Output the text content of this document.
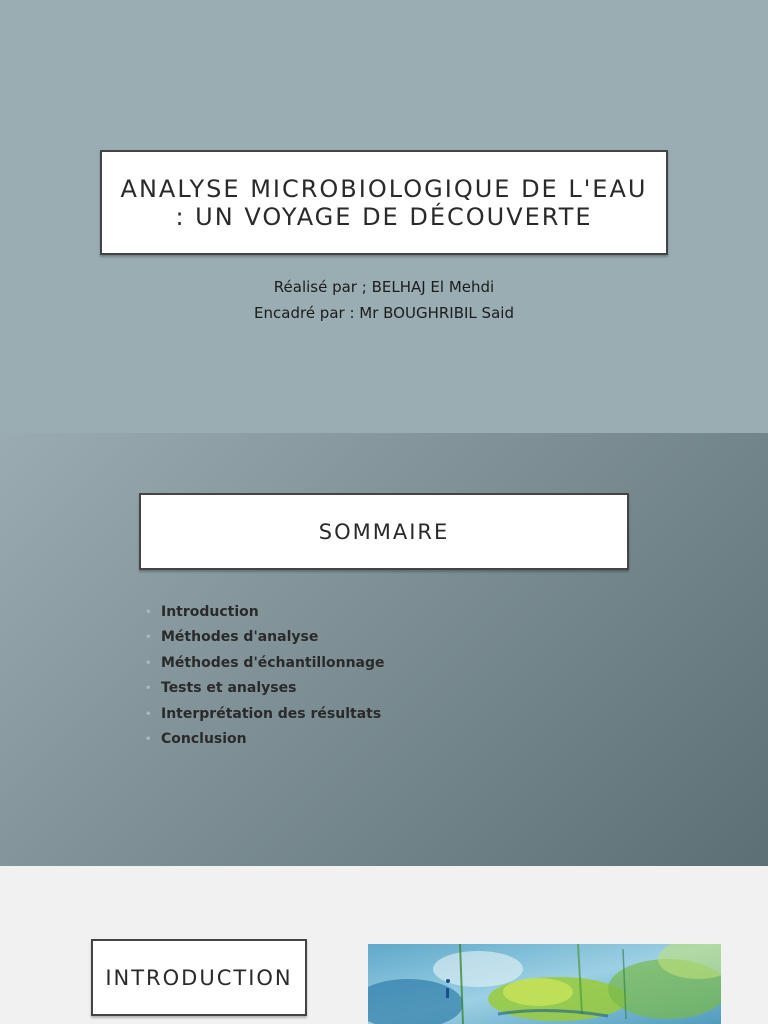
ANALYSE MICROBIOLOGIQUE DE L'EAU : UN VOYAGE DE DÉCOUVERTE
Réalisé par ; BELHAJ El Mehdi
Encadré par : Mr BOUGHRIBIL Said
SOMMAIRE
• Introduction
• Méthodes d'analyse
• Méthodes d'échantillonnage
• Tests et analyses
• Interprétation des résultats
• Conclusion
INTRODUCTION
